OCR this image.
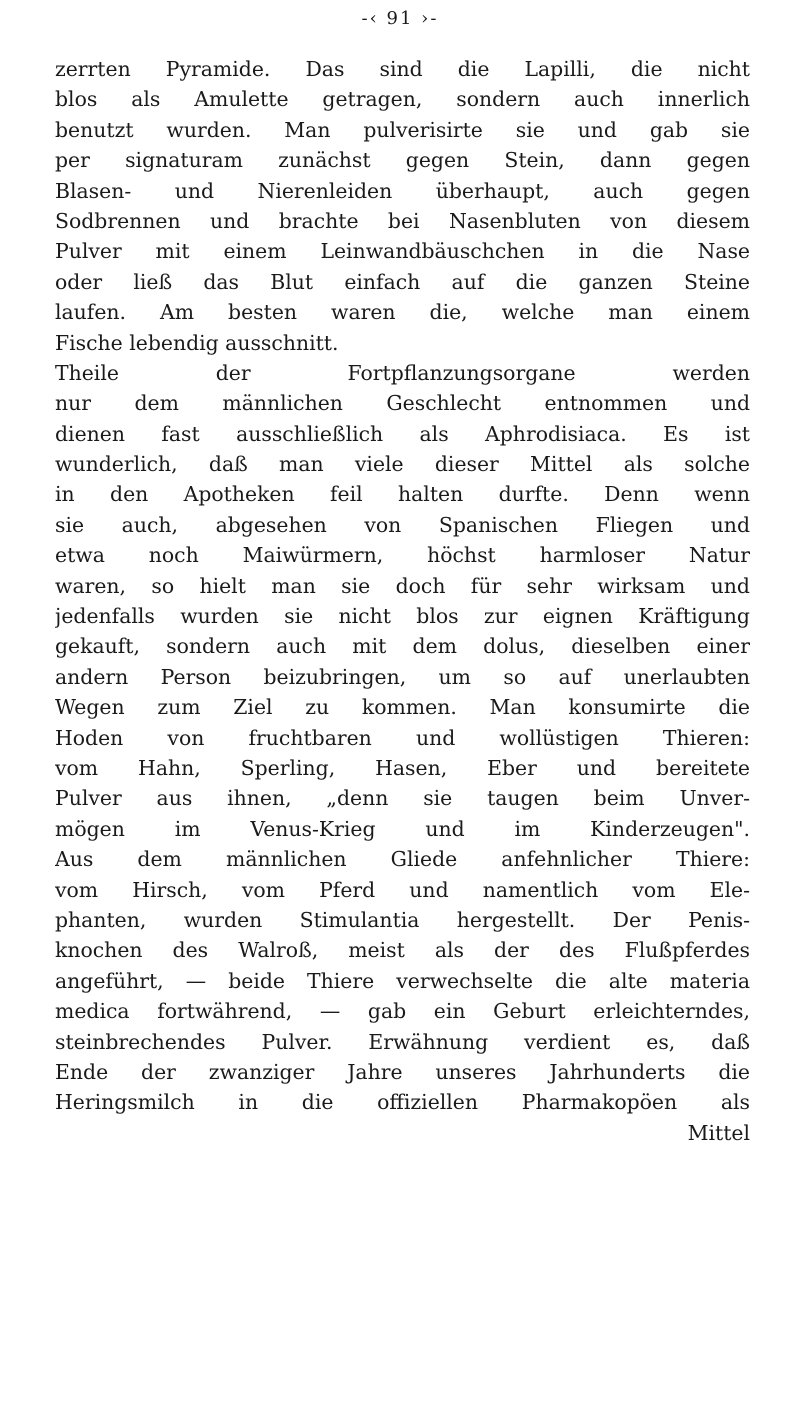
-‹ 91 ›-
zerrten Pyramide. Das sind die Lapilli, die nicht
blos als Amulette getragen, sondern auch innerlich
benutzt wurden. Man pulverisirte sie und gab sie
per signaturam zunächst gegen Stein, dann gegen
Blasen- und Nierenleiden überhaupt, auch gegen
Sodbrennen und brachte bei Nasenbluten von diesem
Pulver mit einem Leinwandbäuschchen in die Nase
oder ließ das Blut einfach auf die ganzen Steine
laufen. Am besten waren die, welche man einem
Fische lebendig ausschnitt.
Theile der Fortpflanzungsorgane werden
nur dem männlichen Geschlecht entnommen und
dienen fast ausschließlich als Aphrodisiaca. Es ist
wunderlich, daß man viele dieser Mittel als solche
in den Apotheken feil halten durfte. Denn wenn
sie auch, abgesehen von Spanischen Fliegen und
etwa noch Maiwürmern, höchst harmloser Natur
waren, so hielt man sie doch für sehr wirksam und
jedenfalls wurden sie nicht blos zur eignen Kräftigung
gekauft, sondern auch mit dem dolus, dieselben einer
andern Person beizubringen, um so auf unerlaubten
Wegen zum Ziel zu kommen. Man konsumirte die
Hoden von fruchtbaren und wollüstigen Thieren:
vom Hahn, Sperling, Hasen, Eber und bereitete
Pulver aus ihnen, „denn sie taugen beim Unver-
mögen im Venus-Krieg und im Kinderzeugen".
Aus dem männlichen Gliede anfehnlicher Thiere:
vom Hirsch, vom Pferd und namentlich vom Ele-
phanten, wurden Stimulantia hergestellt. Der Penis-
knochen des Walroß, meist als der des Flußpferdes
angeführt, — beide Thiere verwechselte die alte materia
medica fortwährend, — gab ein Geburt erleichterndes,
steinbrechendes Pulver. Erwähnung verdient es, daß
Ende der zwanziger Jahre unseres Jahrhunderts die
Heringsmilch in die offiziellen Pharmakopöen als
Mittel
